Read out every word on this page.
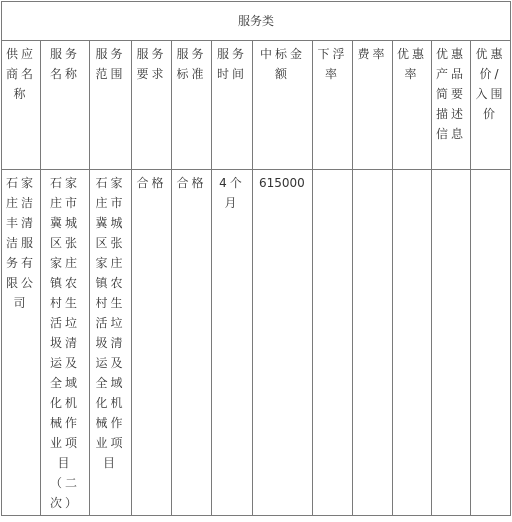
服务类											

供应商名称	服务名称	服务范围	服务要求	服务标准	服务时间	中标金额	下浮率	费率	优惠率	优惠产品简要描述信息	优惠价/入围价

石家庄洁丰清洁服务有限公司	石家庄市冀城区张家庄镇农村生活垃圾清运及全域化机械作业项目（二次）	石家庄市冀城区张家庄镇农村生活垃圾清运及全域化机械作业项目	合格	合格	4个月	615000					
